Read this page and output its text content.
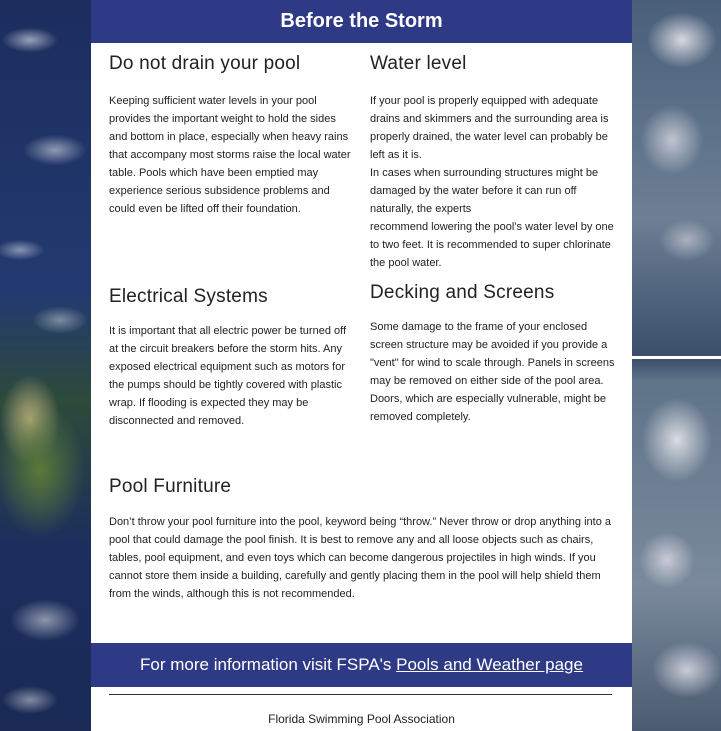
Before the Storm
Do not drain your pool

Keeping sufficient water levels in your pool provides the important weight to hold the sides and bottom in place, especially when heavy rains that accompany most storms raise the local water table. Pools which have been emptied may experience serious subsidence problems and could even be lifted off their foundation.

Water level

If your pool is properly equipped with adequate drains and skimmers and the surrounding area is properly drained, the water level can probably be left as it is.

In cases when surrounding structures might be damaged by the water before it can run off naturally, the experts

recommend lowering the pool’s water level by one to two feet. It is recommended to super chlorinate the pool water.

Electrical Systems

It is important that all electric power be turned off at the circuit breakers before the storm hits. Any exposed electrical equipment such as motors for the pumps should be tightly covered with plastic wrap. If flooding is expected they may be disconnected and removed.

Decking and Screens

Some damage to the frame of your enclosed screen structure may be avoided if you provide a "vent" for wind to scale through. Panels in screens may be removed on either side of the pool area. Doors, which are especially vulnerable, might be removed completely.

Pool Furniture

Don’t throw your pool furniture into the pool, keyword being “throw.” Never throw or drop anything into a pool that could damage the pool finish. It is best to remove any and all loose objects such as chairs, tables, pool equipment, and even toys which can become dangerous projectiles in high winds. If you cannot store them inside a building, carefully and gently placing them in the pool will help shield them from the winds, although this is not recommended.

For more information visit FSPA's Pools and Weather page
Florida Swimming Pool Association
